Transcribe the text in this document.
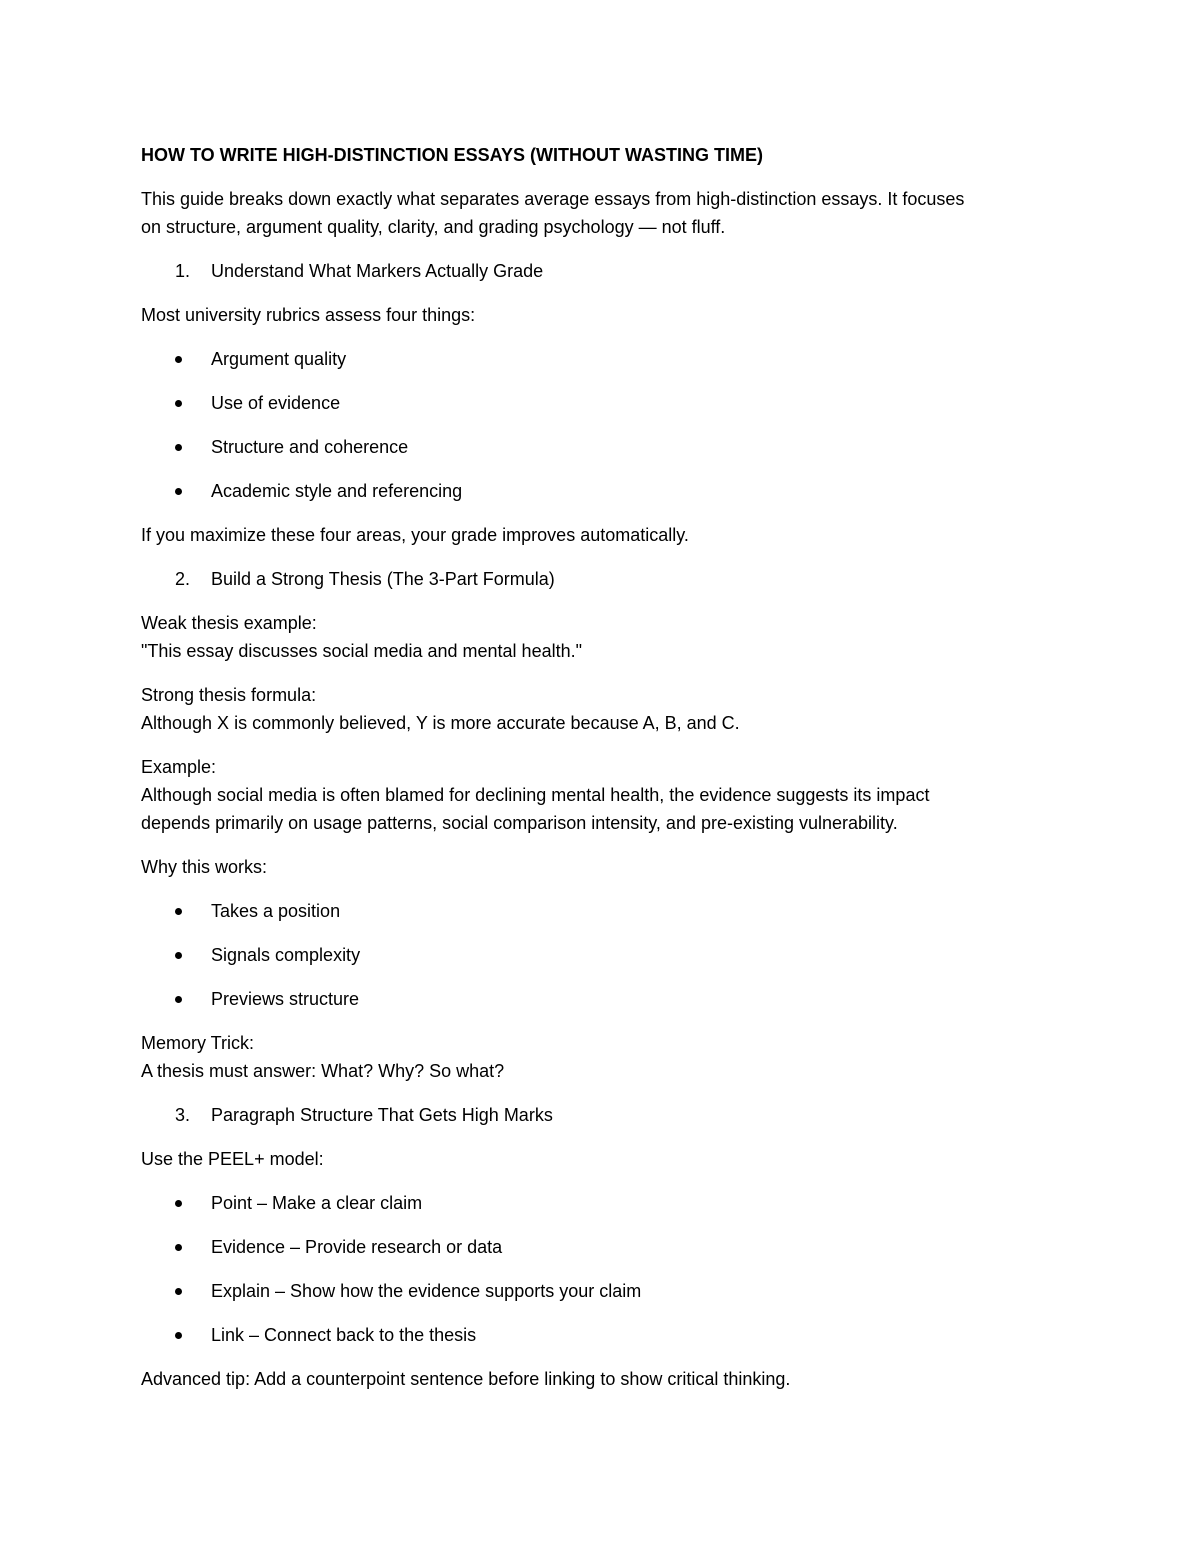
HOW TO WRITE HIGH-DISTINCTION ESSAYS (WITHOUT WASTING TIME)

This guide breaks down exactly what separates average essays from high-distinction essays. It focuses
on structure, argument quality, clarity, and grading psychology — not fluff.

1. Understand What Markers Actually Grade

Most university rubrics assess four things:

Argument quality
Use of evidence
Structure and coherence
Academic style and referencing

If you maximize these four areas, your grade improves automatically.

2. Build a Strong Thesis (The 3-Part Formula)

Weak thesis example:
"This essay discusses social media and mental health."

Strong thesis formula:
Although X is commonly believed, Y is more accurate because A, B, and C.

Example:
Although social media is often blamed for declining mental health, the evidence suggests its impact
depends primarily on usage patterns, social comparison intensity, and pre-existing vulnerability.

Why this works:

Takes a position
Signals complexity
Previews structure

Memory Trick:
A thesis must answer: What? Why? So what?

3. Paragraph Structure That Gets High Marks

Use the PEEL+ model:

Point – Make a clear claim
Evidence – Provide research or data
Explain – Show how the evidence supports your claim
Link – Connect back to the thesis

Advanced tip: Add a counterpoint sentence before linking to show critical thinking.
